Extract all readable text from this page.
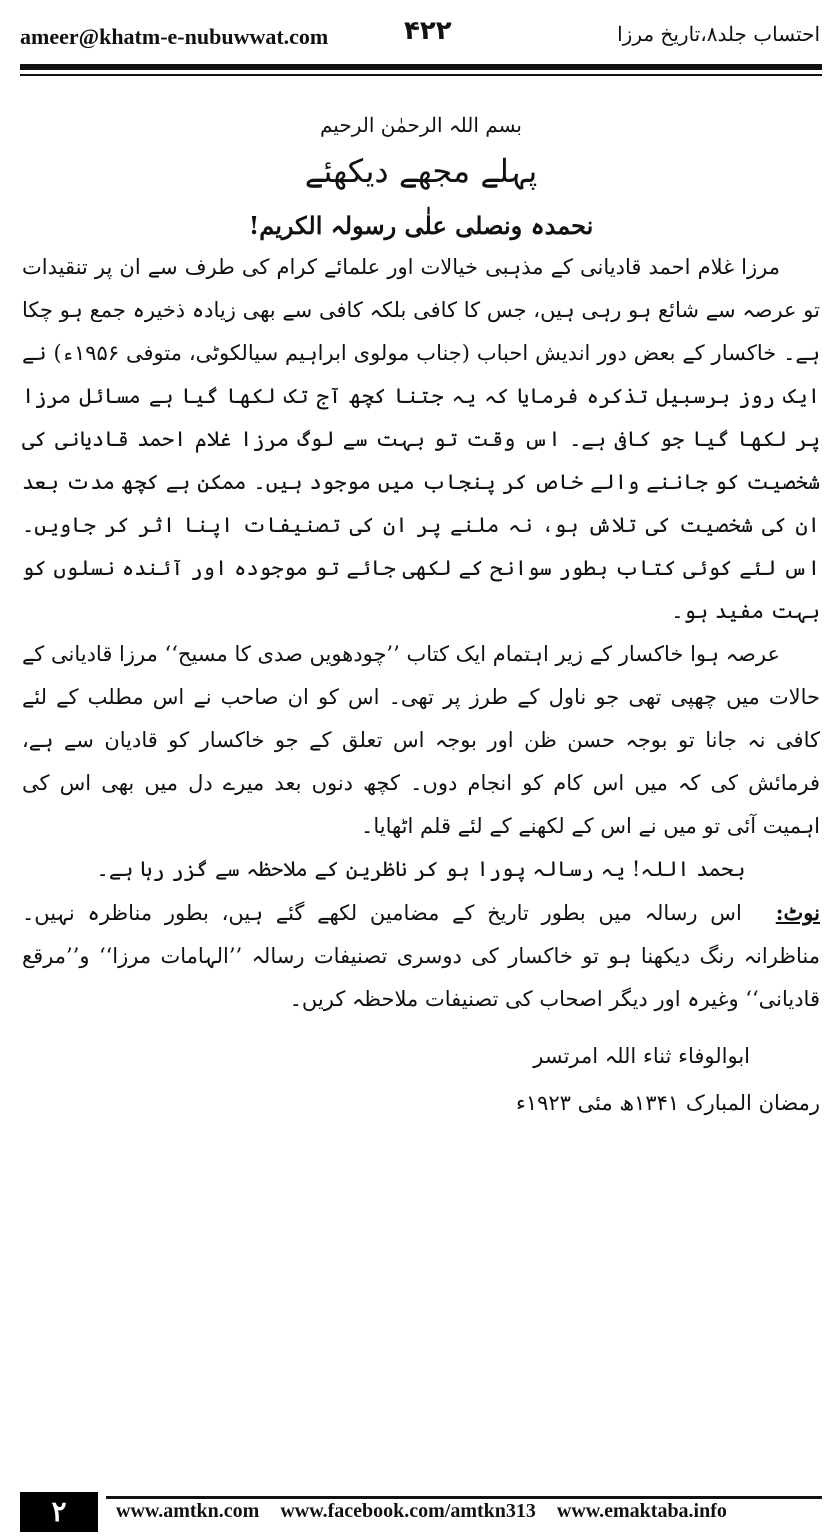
ameer@khatm-e-nubuwwat.com	۴۲۲	احتساب جلد۸،تاریخ مرزا

بسم اللہ الرحمٰن الرحیم

پہلے مجھے دیکھئے

نحمدہ ونصلی علٰی رسولہ الکریم!

مرزا غلام احمد قادیانی کے مذہبی خیالات اور علمائے کرام کی طرف سے ان پر تنقیدات تو عرصہ سے شائع ہو رہی ہیں، جس کا کافی بلکہ کافی سے بھی زیادہ ذخیرہ جمع ہو چکا ہے۔ خاکسار کے بعض دور اندیش احباب (جناب مولوی ابراہیم سیالکوٹی، متوفی ۱۹۵۶ء) نے ایک روز برسبیل تذکرہ فرمایا کہ یہ جتنا کچھ آج تک لکھا گیا ہے مسائل مرزا پر لکھا گیا جو کافی ہے۔ اس وقت تو بہت سے لوگ مرزا غلام احمد قادیانی کی شخصیت کو جاننے والے خاص کر پنجاب میں موجود ہیں۔ ممکن ہے کچھ مدت بعد ان کی شخصیت کی تلاش ہو، نہ ملنے پر ان کی تصنیفات اپنا اثر کر جاویں۔ اس لئے کوئی کتاب بطور سوانح کے لکھی جائے تو موجودہ اور آئندہ نسلوں کو بہت مفید ہو۔

عرصہ ہوا خاکسار کے زیر اہتمام ایک کتاب ’’چودھویں صدی کا مسیح‘‘ مرزا قادیانی کے حالات میں چھپی تھی جو ناول کے طرز پر تھی۔ اس کو ان صاحب نے اس مطلب کے لئے کافی نہ جانا تو بوجہ حسن ظن اور بوجہ اس تعلق کے جو خاکسار کو قادیان سے ہے، فرمائش کی کہ میں اس کام کو انجام دوں۔ کچھ دنوں بعد میرے دل میں بھی اس کی اہمیت آئی تو میں نے اس کے لکھنے کے لئے قلم اٹھایا۔

بحمد اللہ! یہ رسالہ پورا ہو کر ناظرین کے ملاحظہ سے گزر رہا ہے۔

نوٹ:اس رسالہ میں بطور تاریخ کے مضامین لکھے گئے ہیں، بطور مناظرہ نہیں۔ مناظرانہ رنگ دیکھنا ہو تو خاکسار کی دوسری تصنیفات رسالہ ’’الہامات مرزا‘‘ و’’مرقع قادیانی‘‘ وغیرہ اور دیگر اصحاب کی تصنیفات ملاحظہ کریں۔

ابوالوفاء ثناء اللہ امرتسر

رمضان المبارک ۱۳۴۱ھ مئی ۱۹۲۳ء

۲	www.amtkn.com www.facebook.com/amtkn313 www.emaktaba.info
